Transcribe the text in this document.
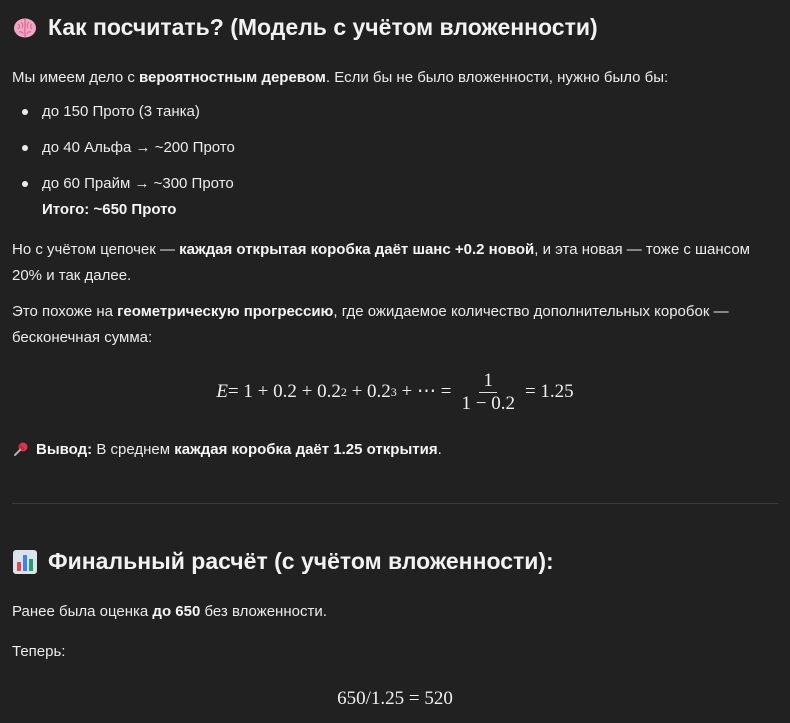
Как посчитать? (Модель с учётом вложенности)

Мы имеем дело с вероятностным деревом. Если бы не было вложенности, нужно было бы:

до 150 Прото (3 танка)
до 40 Альфа → ~200 Прото
до 60 Прайм → ~300 Прото
Итого: ~650 Прото

Но с учётом цепочек — каждая открытая коробка даёт шанс +0.2 новой, и эта новая — тоже с шансом 20% и так далее.

Это похоже на геометрическую прогрессию, где ожидаемое количество дополнительных коробок — бесконечная сумма:

E = 1 + 0.2 + 0.2 2 + 0.2 3 + ⋯ = $\frac{1}{1 - 0.2} = 1.25$

Вывод: В среднем каждая коробка даёт 1.25 открытия.

Финальный расчёт (с учётом вложенности):

Ранее была оценка до 650 без вложенности.

Теперь:

650/1.25 = 520
